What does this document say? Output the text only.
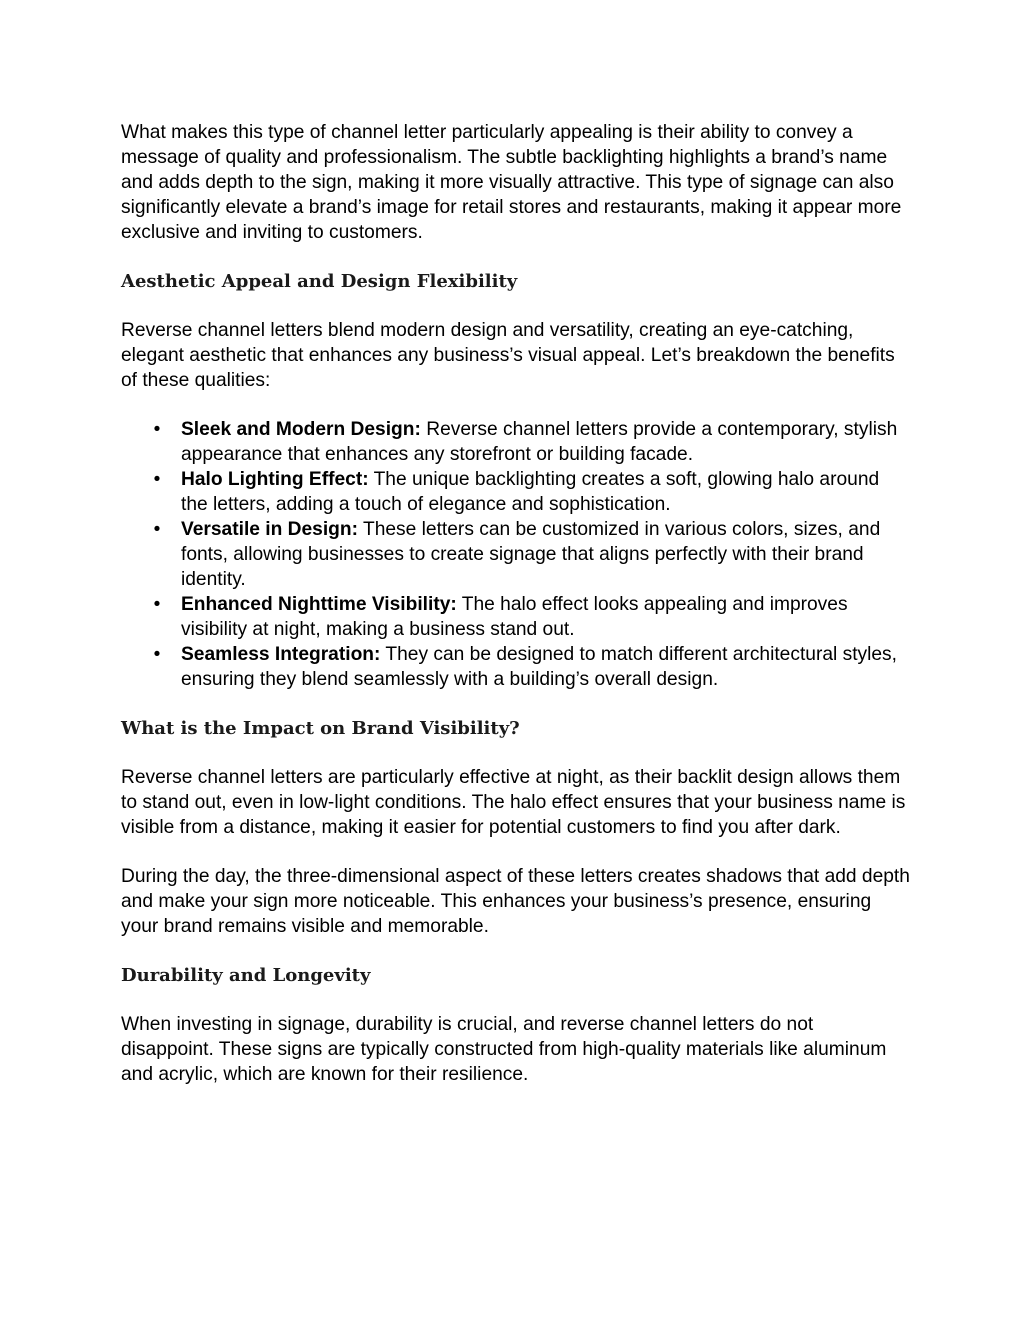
What makes this type of channel letter particularly appealing is their ability to convey a message of quality and professionalism. The subtle backlighting highlights a brand’s name and adds depth to the sign, making it more visually attractive. This type of signage can also significantly elevate a brand’s image for retail stores and restaurants, making it appear more exclusive and inviting to customers.

Aesthetic Appeal and Design Flexibility

Reverse channel letters blend modern design and versatility, creating an eye-catching, elegant aesthetic that enhances any business’s visual appeal. Let’s breakdown the benefits of these qualities:

• Sleek and Modern Design: Reverse channel letters provide a contemporary, stylish appearance that enhances any storefront or building facade.
• Halo Lighting Effect: The unique backlighting creates a soft, glowing halo around the letters, adding a touch of elegance and sophistication.
• Versatile in Design: These letters can be customized in various colors, sizes, and fonts, allowing businesses to create signage that aligns perfectly with their brand identity.
• Enhanced Nighttime Visibility: The halo effect looks appealing and improves visibility at night, making a business stand out.
• Seamless Integration: They can be designed to match different architectural styles, ensuring they blend seamlessly with a building’s overall design.
What is the Impact on Brand Visibility?

Reverse channel letters are particularly effective at night, as their backlit design allows them to stand out, even in low-light conditions. The halo effect ensures that your business name is visible from a distance, making it easier for potential customers to find you after dark.

During the day, the three-dimensional aspect of these letters creates shadows that add depth and make your sign more noticeable. This enhances your business’s presence, ensuring your brand remains visible and memorable.

Durability and Longevity

When investing in signage, durability is crucial, and reverse channel letters do not disappoint. These signs are typically constructed from high-quality materials like aluminum and acrylic, which are known for their resilience.
